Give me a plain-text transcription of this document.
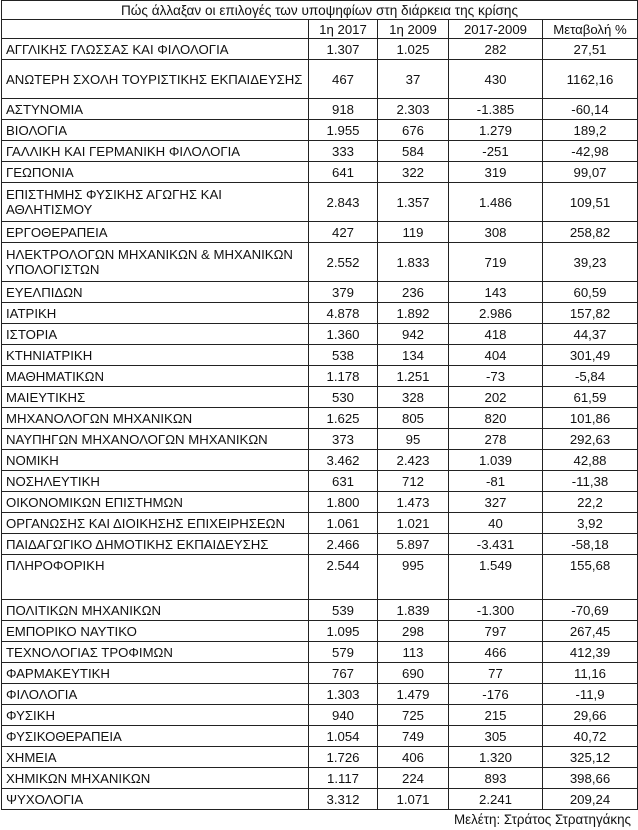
Πώς άλλαξαν οι επιλογές των υποψηφίων στη διάρκεια της κρίσης				
	1η 2017	1η 2009	2017-2009	Μεταβολή %
ΑΓΓΛΙΚΗΣ ΓΛΩΣΣΑΣ ΚΑΙ ΦΙΛΟΛΟΓΙΑ	1.307	1.025	282	27,51
ΑΝΩΤΕΡΗ ΣΧΟΛΗ ΤΟΥΡΙΣΤΙΚΗΣ ΕΚΠΑΙΔΕΥΣΗΣ	467	37	430	1162,16
ΑΣΤΥΝΟΜΙΑ	918	2.303	-1.385	-60,14
ΒΙΟΛΟΓΙΑ	1.955	676	1.279	189,2
ΓΑΛΛΙΚΗ ΚΑΙ ΓΕΡΜΑΝΙΚΗ ΦΙΛΟΛΟΓΙΑ	333	584	-251	-42,98
ΓΕΩΠΟΝΙΑ	641	322	319	99,07
ΕΠΙΣΤΗΜΗΣ ΦΥΣΙΚΗΣ ΑΓΩΓΗΣ ΚΑΙ ΑΘΛΗΤΙΣΜΟΥ	2.843	1.357	1.486	109,51
ΕΡΓΟΘΕΡΑΠΕΙΑ	427	119	308	258,82
ΗΛΕΚΤΡΟΛΟΓΩΝ ΜΗΧΑΝΙΚΩΝ & ΜΗΧΑΝΙΚΩΝ ΥΠΟΛΟΓΙΣΤΩΝ	2.552	1.833	719	39,23
ΕΥΕΛΠΙΔΩΝ	379	236	143	60,59
ΙΑΤΡΙΚΗ	4.878	1.892	2.986	157,82
ΙΣΤΟΡΙΑ	1.360	942	418	44,37
ΚΤΗΝΙΑΤΡΙΚΗ	538	134	404	301,49
ΜΑΘΗΜΑΤΙΚΩΝ	1.178	1.251	-73	-5,84
ΜΑΙΕΥΤΙΚΗΣ	530	328	202	61,59
ΜΗΧΑΝΟΛΟΓΩΝ ΜΗΧΑΝΙΚΩΝ	1.625	805	820	101,86
ΝΑΥΠΗΓΩΝ ΜΗΧΑΝΟΛΟΓΩΝ ΜΗΧΑΝΙΚΩΝ	373	95	278	292,63
ΝΟΜΙΚΗ	3.462	2.423	1.039	42,88
ΝΟΣΗΛΕΥΤΙΚΗ	631	712	-81	-11,38
ΟΙΚΟΝΟΜΙΚΩΝ ΕΠΙΣΤΗΜΩΝ	1.800	1.473	327	22,2
ΟΡΓΑΝΩΣΗΣ ΚΑΙ ΔΙΟΙΚΗΣΗΣ ΕΠΙΧΕΙΡΗΣΕΩΝ	1.061	1.021	40	3,92
ΠΑΙΔΑΓΩΓΙΚΟ ΔΗΜΟΤΙΚΗΣ ΕΚΠΑΙΔΕΥΣΗΣ	2.466	5.897	-3.431	-58,18
ΠΛΗΡΟΦΟΡΙΚΗ	2.544	995	1.549	155,68
ΠΟΛΙΤΙΚΩΝ ΜΗΧΑΝΙΚΩΝ	539	1.839	-1.300	-70,69
ΕΜΠΟΡΙΚΟ ΝΑΥΤΙΚΟ	1.095	298	797	267,45
ΤΕΧΝΟΛΟΓΙΑΣ ΤΡΟΦΙΜΩΝ	579	113	466	412,39
ΦΑΡΜΑΚΕΥΤΙΚΗ	767	690	77	11,16
ΦΙΛΟΛΟΓΙΑ	1.303	1.479	-176	-11,9
ΦΥΣΙΚΗ	940	725	215	29,66
ΦΥΣΙΚΟΘΕΡΑΠΕΙΑ	1.054	749	305	40,72
ΧΗΜΕΙΑ	1.726	406	1.320	325,12
ΧΗΜΙΚΩΝ ΜΗΧΑΝΙΚΩΝ	1.117	224	893	398,66
ΨΥΧΟΛΟΓΙΑ	3.312	1.071	2.241	209,24
Μελέτη: Στράτος Στρατηγάκης
